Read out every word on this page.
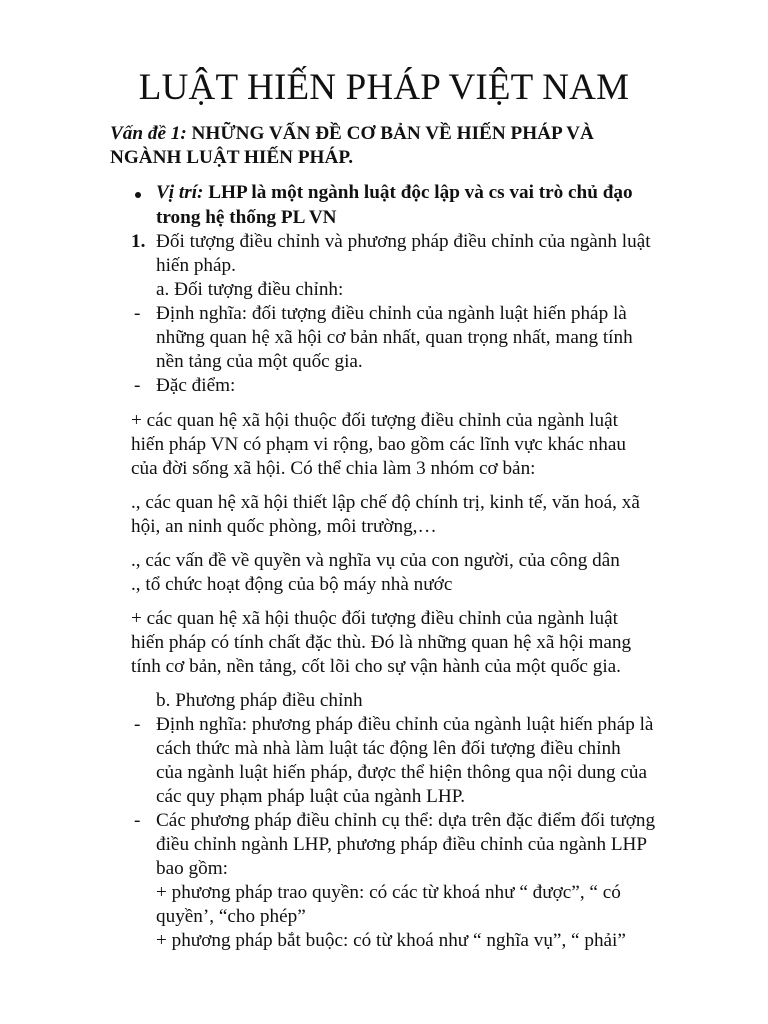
LUẬT HIẾN PHÁP VIỆT NAM
Vấn đề 1: NHỮNG VẤN ĐỀ CƠ BẢN VỀ HIẾN PHÁP VÀ
NGÀNH LUẬT HIẾN PHÁP.
Vị trí: LHP là một ngành luật độc lập và cs vai trò chủ đạo
trong hệ thống PL VN
1. Đối tượng điều chỉnh và phương pháp điều chỉnh của ngành luật
hiến pháp.
a. Đối tượng điều chỉnh:
- Định nghĩa: đối tượng điều chỉnh của ngành luật hiến pháp là
những quan hệ xã hội cơ bản nhất, quan trọng nhất, mang tính
nền tảng của một quốc gia.
- Đặc điểm:
+ các quan hệ xã hội thuộc đối tượng điều chỉnh của ngành luật
hiến pháp VN có phạm vi rộng, bao gồm các lĩnh vực khác nhau
của đời sống xã hội. Có thể chia làm 3 nhóm cơ bản:
., các quan hệ xã hội thiết lập chế độ chính trị, kinh tế, văn hoá, xã
hội, an ninh quốc phòng, môi trường,…
., các vấn đề về quyền và nghĩa vụ của con người, của công dân
., tổ chức hoạt động của bộ máy nhà nước
+ các quan hệ xã hội thuộc đối tượng điều chỉnh của ngành luật
hiến pháp có tính chất đặc thù. Đó là những quan hệ xã hội mang
tính cơ bản, nền tảng, cốt lõi cho sự vận hành của một quốc gia.
b. Phương pháp điều chỉnh
- Định nghĩa: phương pháp điều chỉnh của ngành luật hiến pháp là
cách thức mà nhà làm luật tác động lên đối tượng điều chỉnh
của ngành luật hiến pháp, được thể hiện thông qua nội dung của
các quy phạm pháp luật của ngành LHP.
- Các phương pháp điều chỉnh cụ thể: dựa trên đặc điểm đối tượng
điều chỉnh ngành LHP, phương pháp điều chỉnh của ngành LHP
bao gồm:
+ phương pháp trao quyền: có các từ khoá như “ được”, “ có
quyền’, “cho phép”
+ phương pháp bắt buộc: có từ khoá như “ nghĩa vụ”, “ phải”
